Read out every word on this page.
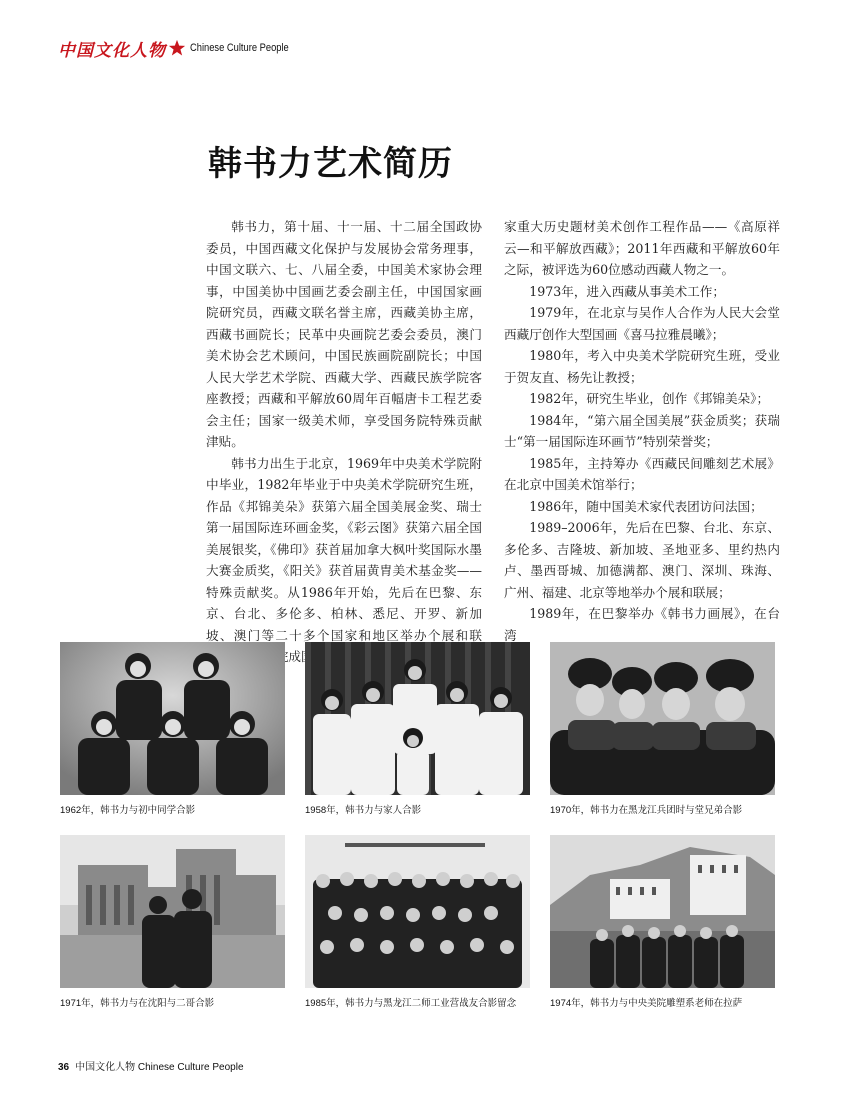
中国文化人物 Chinese Culture People
韩书力艺术简历

韩书力，第十届、十一届、十二届全国政协委员，中国西藏文化保护与发展协会常务理事，中国文联六、七、八届全委，中国美术家协会理事，中国美协中国画艺委会副主任，中国国家画院研究员，西藏文联名誉主席，西藏美协主席，西藏书画院长；民革中央画院艺委会委员，澳门美术协会艺术顾问，中国民族画院副院长；中国人民大学艺术学院、西藏大学、西藏民族学院客座教授；西藏和平解放60周年百幅唐卡工程艺委会主任；国家一级美术师，享受国务院特殊贡献津贴。

韩书力出生于北京，1969年中央美术学院附中毕业，1982年毕业于中央美术学院研究生班，作品《邦锦美朵》获第六届全国美展金奖、瑞士第一届国际连环画金奖，《彩云图》获第六届全国美展银奖，《佛印》获首届加拿大枫叶奖国际水墨大赛金质奖，《阳关》获首届黄胄美术基金奖——特殊贡献奖。从1986年开始，先后在巴黎、东京、台北、多伦多、柏林、悉尼、开罗、新加坡、澳门等二十多个国家和地区举办个展和联 年完成国

家重大历史题材美术创作工程作品——《高原祥云—和平解放西藏》；2011年西藏和平解放60年之际，被评选为60位感动西藏人物之一。

1973年，进入西藏从事美术工作；

1979年，在北京与吴作人合作为人民大会堂西藏厅创作大型国画《喜马拉雅晨曦》；

1980年，考入中央美术学院研究生班，受业于贺友直、杨先让教授；

1982年，研究生毕业，创作《邦锦美朵》；

1984年，“第六届全国美展”获金质奖；获瑞士“第一届国际连环画节”特别荣誉奖；

1985年，主持筹办《西藏民间雕刻艺术展》在北京中国美术馆举行；

1986年，随中国美术家代表团访问法国；

1989–2006年，先后在巴黎、台北、东京、多伦多、吉隆坡、新加坡、圣地亚多、里约热内卢、墨西哥城、加德满都、澳门、深圳、珠海、广州、福建、北京等地举办个展和联展；

1989年，在巴黎举办《韩书力画展》，在台湾

1962年，韩书力与初中同学合影	1958年，韩书力与家人合影	1970年，韩书力在黑龙江兵团时与堂兄弟合影
1971年，韩书力与在沈阳与二哥合影	1985年，韩书力与黑龙江二师工业营战友合影留念	1974年，韩书力与中央美院雕塑系老师在拉萨
36 中国文化人物 Chinese Culture People
